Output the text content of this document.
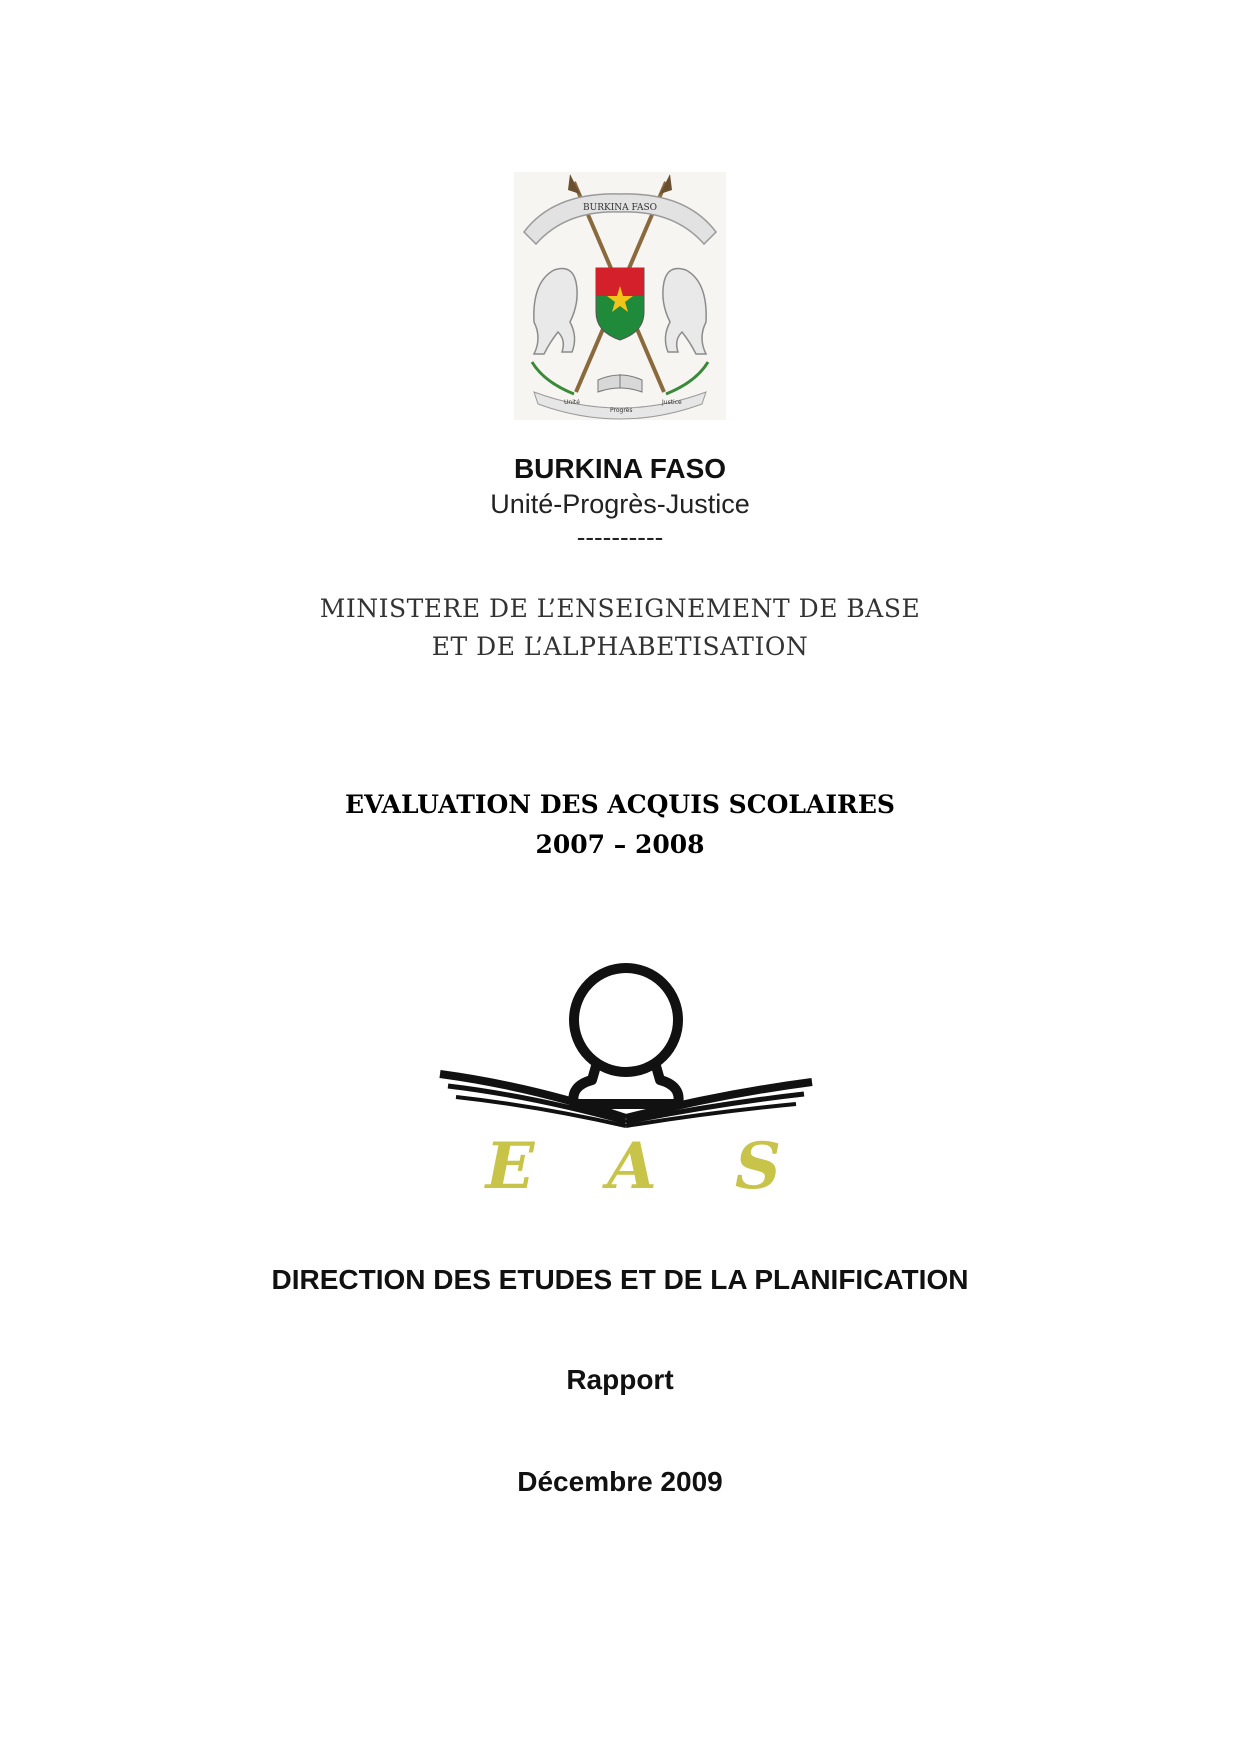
BURKINA FASO
Unité
Progrès
Justice
BURKINA FASO
Unité-Progrès-Justice
----------
MINISTERE DE L’ENSEIGNEMENT DE BASE
ET DE L’ALPHABETISATION
EVALUATION DES ACQUIS SCOLAIRES
2007 – 2008
E A S
DIRECTION DES ETUDES ET DE LA PLANIFICATION
Rapport
Décembre 2009
